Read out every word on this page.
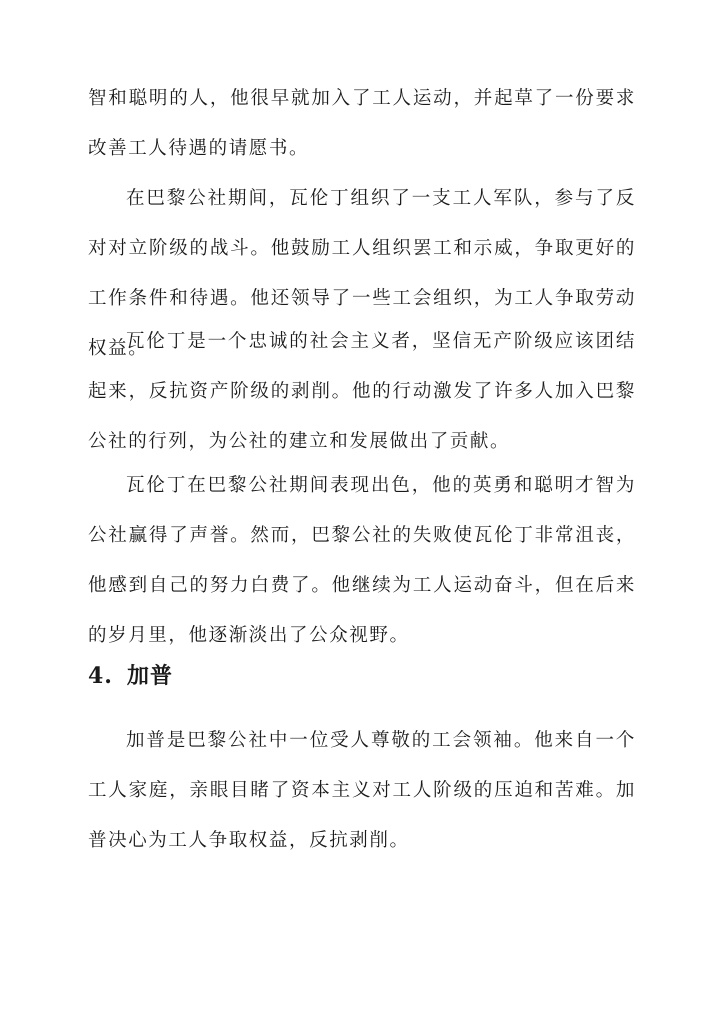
智和聪明的人，他很早就加入了工人运动，并起草了一份要求改善工人待遇的请愿书。

在巴黎公社期间，瓦伦丁组织了一支工人军队，参与了反对对立阶级的战斗。他鼓励工人组织罢工和示威，争取更好的工作条件和待遇。他还领导了一些工会组织，为工人争取劳动权益。

瓦伦丁是一个忠诚的社会主义者，坚信无产阶级应该团结起来，反抗资产阶级的剥削。他的行动激发了许多人加入巴黎公社的行列，为公社的建立和发展做出了贡献。

瓦伦丁在巴黎公社期间表现出色，他的英勇和聪明才智为公社赢得了声誉。然而，巴黎公社的失败使瓦伦丁非常沮丧，他感到自己的努力白费了。他继续为工人运动奋斗，但在后来的岁月里，他逐渐淡出了公众视野。

4. 加普

加普是巴黎公社中一位受人尊敬的工会领袖。他来自一个工人家庭，亲眼目睹了资本主义对工人阶级的压迫和苦难。加普决心为工人争取权益，反抗剥削。
